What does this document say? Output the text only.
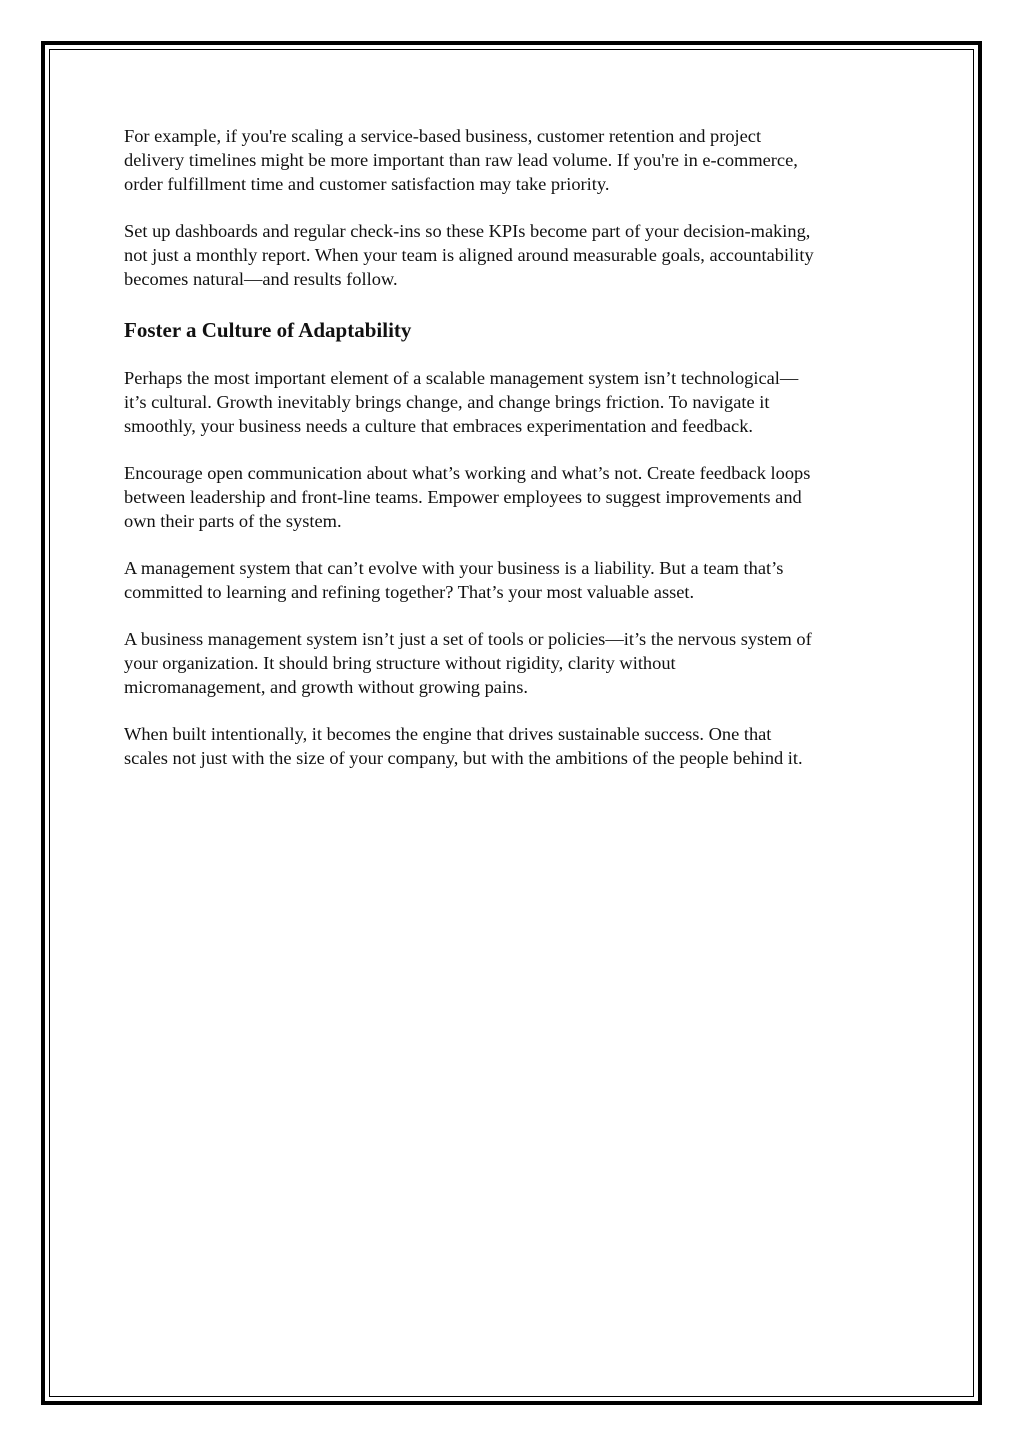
For example, if you're scaling a service-based business, customer retention and project
delivery timelines might be more important than raw lead volume. If you're in e-commerce,
order fulfillment time and customer satisfaction may take priority.

Set up dashboards and regular check-ins so these KPIs become part of your decision-making,
not just a monthly report. When your team is aligned around measurable goals, accountability
becomes natural—and results follow.

Foster a Culture of Adaptability

Perhaps the most important element of a scalable management system isn’t technological—
it’s cultural. Growth inevitably brings change, and change brings friction. To navigate it
smoothly, your business needs a culture that embraces experimentation and feedback.

Encourage open communication about what’s working and what’s not. Create feedback loops
between leadership and front-line teams. Empower employees to suggest improvements and
own their parts of the system.

A management system that can’t evolve with your business is a liability. But a team that’s
committed to learning and refining together? That’s your most valuable asset.

A business management system isn’t just a set of tools or policies—it’s the nervous system of
your organization. It should bring structure without rigidity, clarity without
micromanagement, and growth without growing pains.

When built intentionally, it becomes the engine that drives sustainable success. One that
scales not just with the size of your company, but with the ambitions of the people behind it.
